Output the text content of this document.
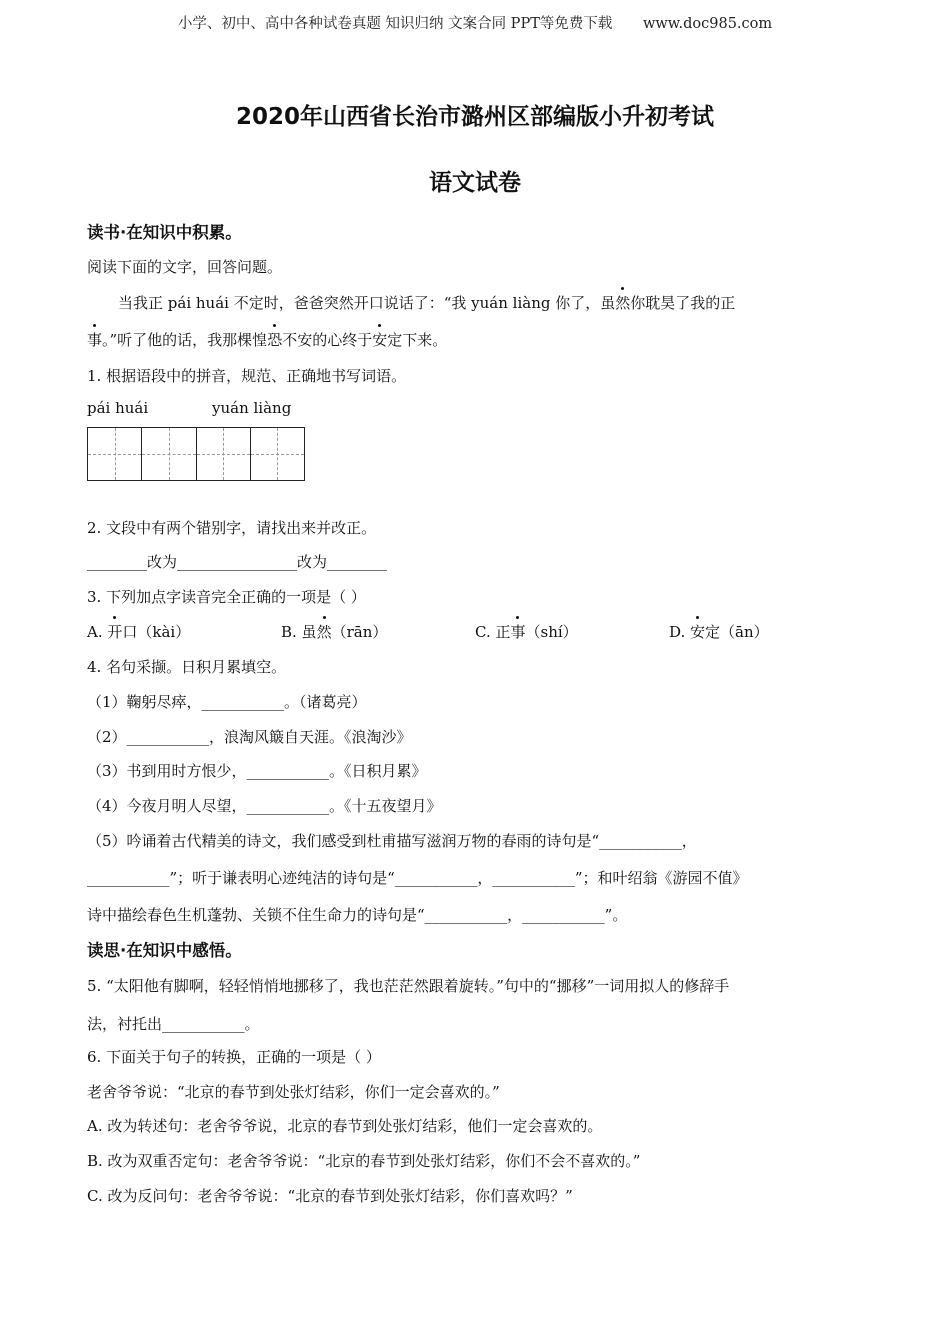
小学、初中、高中各种试卷真题 知识归纳 文案合同 PPT等免费下载 www.doc985.com
2020年山西省长治市潞州区部编版小升初考试
语文试卷
读书·在知识中积累。
阅读下面的文字，回答问题。
当我正 pái huái 不定时，爸爸突然开口说话了：“我 yuán liàng 你了，虽然你耽昊了我的正
事。”听了他的话，我那棵惶恐不安的心终于安定下来。
1. 根据语段中的拼音，规范、正确地书写词语。
pái huái	yuán liàng
2. 文段中有两个错别字，请找出来并改正。
________改为________________改为________
3. 下列加点字读音完全正确的一项是（ ）
A. 开口（kài）	B. 虽然（rān）	C. 正事（shí）	D. 安定（ān）
4. 名句采撷。日积月累填空。
（1）鞠躬尽瘁，___________。（诸葛亮）
（2）___________，浪淘风簸自天涯。《浪淘沙》
（3）书到用时方恨少，___________。《日积月累》
（4）今夜月明人尽望，___________。《十五夜望月》
（5）吟诵着古代精美的诗文，我们感受到杜甫描写滋润万物的春雨的诗句是“___________，
___________”；听于谦表明心迹纯洁的诗句是“___________，___________”；和叶绍翁《游园不值》
诗中描绘春色生机蓬勃、关锁不住生命力的诗句是“___________，___________”。
读思·在知识中感悟。
5. “太阳他有脚啊，轻轻悄悄地挪移了，我也茫茫然跟着旋转。”句中的“挪移”一词用拟人的修辞手
法，衬托出___________。
6. 下面关于句子的转换，正确的一项是（ ）
老舍爷爷说：“北京的春节到处张灯结彩，你们一定会喜欢的。”
A. 改为转述句：老舍爷爷说，北京的春节到处张灯结彩，他们一定会喜欢的。
B. 改为双重否定句：老舍爷爷说：“北京的春节到处张灯结彩，你们不会不喜欢的。”
C. 改为反问句：老舍爷爷说：“北京的春节到处张灯结彩，你们喜欢吗？”
